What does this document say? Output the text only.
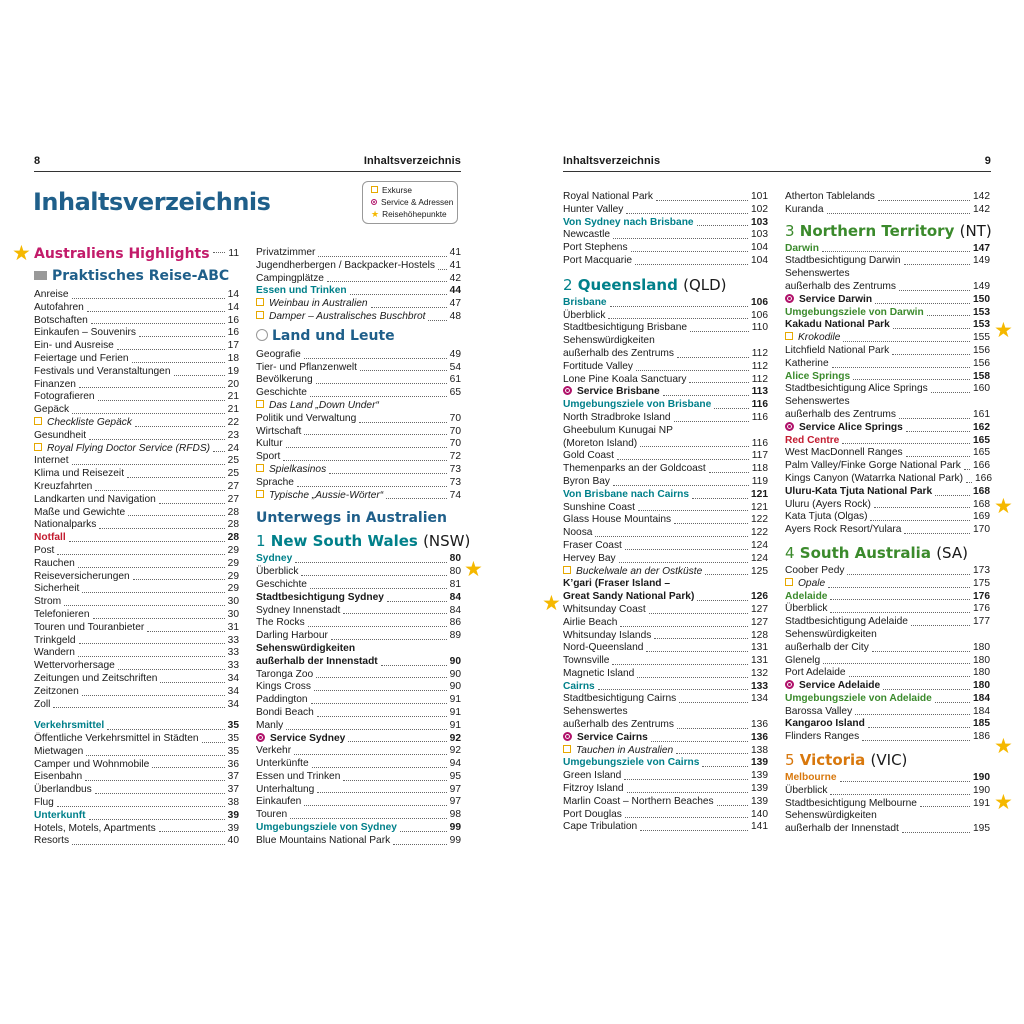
8	Inhaltsverzeichnis
Inhaltsverzeichnis	Exkurse
Service & Adressen
★ Reisehöhepunkte
Australiens Highlights 11
Praktisches Reise-ABC
Anreise	14
Autofahren	14
Botschaften	16
Einkaufen – Souvenirs	16
Ein- und Ausreise	17
Feiertage und Ferien	18
Festivals und Veranstaltungen	19
Finanzen	20
Fotografieren	21
Gepäck	21
Checkliste Gepäck	22
Gesundheit	23
Royal Flying Doctor Service (RFDS) 24
Internet	25
Klima und Reisezeit	25
Kreuzfahrten	27
Landkarten und Navigation	27
Maße und Gewichte	28
Nationalparks	28
Notfall	28
Post	29
Rauchen	29
Reiseversicherungen	29
Sicherheit	29
Strom	30
Telefonieren	30
Touren und Touranbieter	31
Trinkgeld	33
Wandern	33
Wettervorhersage	33
Zeitungen und Zeitschriften	34
Zeitzonen	34
Zoll	34
Verkehrsmittel	35
Öffentliche Verkehrsmittel in Städten	35
Mietwagen	35
Camper und Wohnmobile	36
Eisenbahn	37
Überlandbus	37
Flug	38
Unterkunft	39
Hotels, Motels, Apartments	39
Resorts	40
Privatzimmer	41
Jugendherbergen / Backpacker-Hostels 41
Campingplätze	42
Essen und Trinken	44
Weinbau in Australien	47
Damper – Australisches Buschbrot 48
Land und Leute
Geografie	49
Tier- und Pflanzenwelt	54
Bevölkerung	61
Geschichte	65
Das Land „Down Under“
Politik und Verwaltung	70
Wirtschaft	70
Kultur	70
Sport	72
Spielkasinos	73
Sprache	73
Typische „Aussie-Wörter“	74
Unterwegs in Australien
1 New South Wales (NSW)
Sydney	80
Überblick	80
Geschichte	81
Stadtbesichtigung Sydney	84
Sydney Innenstadt	84
The Rocks	86
Darling Harbour	89
Sehenswürdigkeiten
außerhalb der Innenstadt	90
Taronga Zoo	90
Kings Cross	90
Paddington	91
Bondi Beach	91
Manly	91
Service Sydney	92
Verkehr	92
Unterkünfte	94
Essen und Trinken	95
Unterhaltung	97
Einkaufen	97
Touren	98
Umgebungsziele von Sydney	99
Blue Mountains National Park	99
★
★
Inhaltsverzeichnis	9
Royal National Park	101
Hunter Valley	102
Von Sydney nach Brisbane	103
Newcastle	103
Port Stephens	104
Port Macquarie	104
2 Queensland (QLD)
Brisbane	106
Überblick	106
Stadtbesichtigung Brisbane	110
Sehenswürdigkeiten
außerhalb des Zentrums	112
Fortitude Valley	112
Lone Pine Koala Sanctuary	112
Service Brisbane	113
Umgebungsziele von Brisbane	116
North Stradbroke Island	116
Gheebulum Kunugai NP
(Moreton Island)	116
Gold Coast	117
Themenparks an der Goldcoast	118
Byron Bay	119
Von Brisbane nach Cairns	121
Sunshine Coast	121
Glass House Mountains	122
Noosa	122
Fraser Coast	124
Hervey Bay	124
Buckelwale an der Ostküste	125
K’gari (Fraser Island –
Great Sandy National Park)	126
Whitsunday Coast	127
Airlie Beach	127
Whitsunday Islands	128
Nord-Queensland	131
Townsville	131
Magnetic Island	132
Cairns	133
Stadtbesichtigung Cairns	134
Sehenswertes
außerhalb des Zentrums	136
Service Cairns	136
Tauchen in Australien	138
Umgebungsziele von Cairns	139
Green Island	139
Fitzroy Island	139
Marlin Coast – Northern Beaches	139
Port Douglas	140
Cape Tribulation	141
Atherton Tablelands	142
Kuranda	142
3 Northern Territory (NT)
Darwin	147
Stadtbesichtigung Darwin	149
Sehenswertes
außerhalb des Zentrums	149
Service Darwin	150
Umgebungsziele von Darwin	153
Kakadu National Park	153
Krokodile	155
Litchfield National Park	156
Katherine	156
Alice Springs	158
Stadtbesichtigung Alice Springs	160
Sehenswertes
außerhalb des Zentrums	161
Service Alice Springs	162
Red Centre	165
West MacDonnell Ranges	165
Palm Valley/Finke Gorge National Park 166
Kings Canyon (Watarrka National Park) 166
Uluru-Kata Tjuta National Park	168
Uluru (Ayers Rock)	168
Kata Tjuta (Olgas)	169
Ayers Rock Resort/Yulara	170
4 South Australia (SA)
Coober Pedy	173
Opale	175
Adelaide	176
Überblick	176
Stadtbesichtigung Adelaide	177
Sehenswürdigkeiten
außerhalb der City	180
Glenelg	180
Port Adelaide	180
Service Adelaide	180
Umgebungsziele von Adelaide	184
Barossa Valley	184
Kangaroo Island	185
Flinders Ranges	186
5 Victoria (VIC)
Melbourne	190
Überblick	190
Stadtbesichtigung Melbourne	191
Sehenswürdigkeiten
außerhalb der Innenstadt	195
★
★
★
★
★
